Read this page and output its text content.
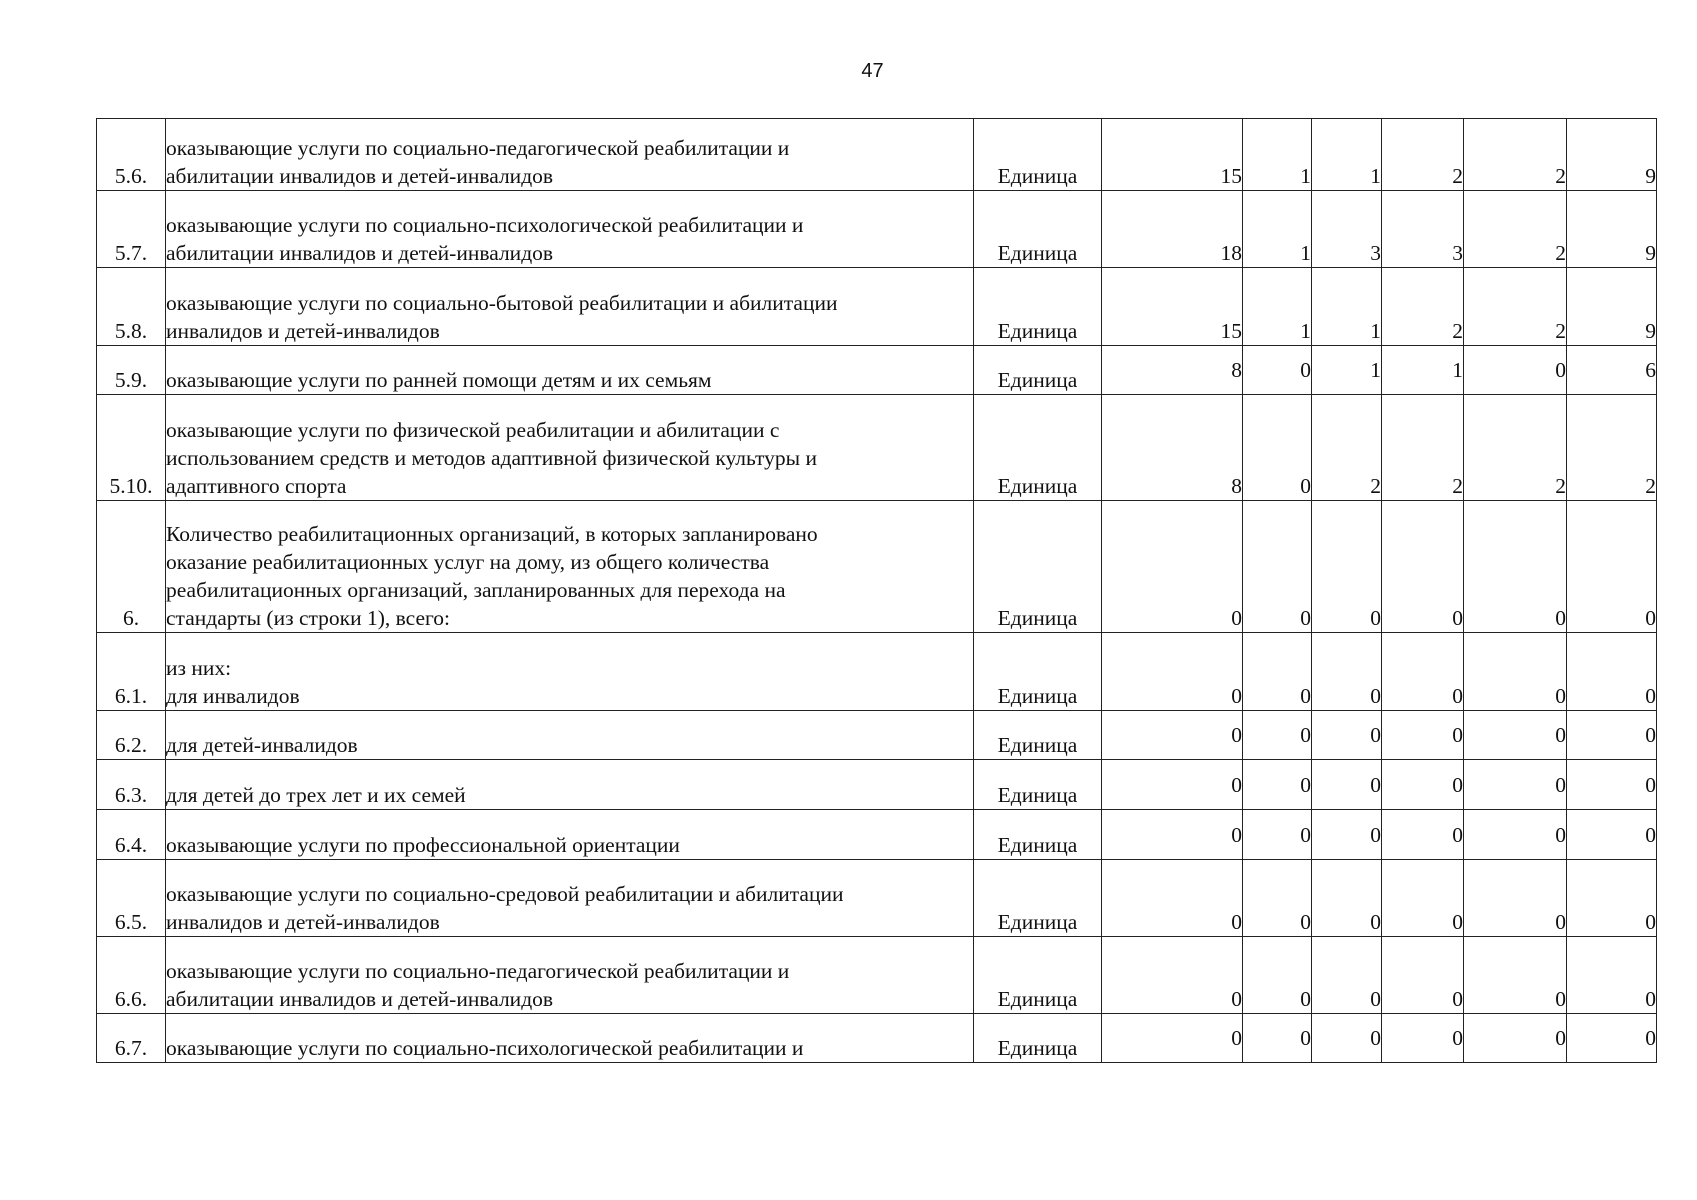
47
5.6.	оказывающие услуги по социально-педагогической реабилитации и
абилитации инвалидов и детей-инвалидов	Единица	15	1	1	2	2	9
5.7.	оказывающие услуги по социально-психологической реабилитации и
абилитации инвалидов и детей-инвалидов	Единица	18	1	3	3	2	9
5.8.	оказывающие услуги по социально-бытовой реабилитации и абилитации
инвалидов и детей-инвалидов	Единица	15	1	1	2	2	9
5.9.	оказывающие услуги по ранней помощи детям и их семьям	Единица	8	0	1	1	0	6
5.10.	оказывающие услуги по физической реабилитации и абилитации с
использованием средств и методов адаптивной физической культуры и
адаптивного спорта	Единица	8	0	2	2	2	2
6.	Количество реабилитационных организаций, в которых запланировано
оказание реабилитационных услуг на дому, из общего количества
реабилитационных организаций, запланированных для перехода на
стандарты (из строки 1), всего:	Единица	0	0	0	0	0	0
6.1.	из них:
для инвалидов	Единица	0	0	0	0	0	0
6.2.	для детей-инвалидов	Единица	0	0	0	0	0	0
6.3.	для детей до трех лет и их семей	Единица	0	0	0	0	0	0
6.4.	оказывающие услуги по профессиональной ориентации	Единица	0	0	0	0	0	0
6.5.	оказывающие услуги по социально-средовой реабилитации и абилитации
инвалидов и детей-инвалидов	Единица	0	0	0	0	0	0
6.6.	оказывающие услуги по социально-педагогической реабилитации и
абилитации инвалидов и детей-инвалидов	Единица	0	0	0	0	0	0
6.7.	оказывающие услуги по социально-психологической реабилитации и	Единица	0	0	0	0	0	0
